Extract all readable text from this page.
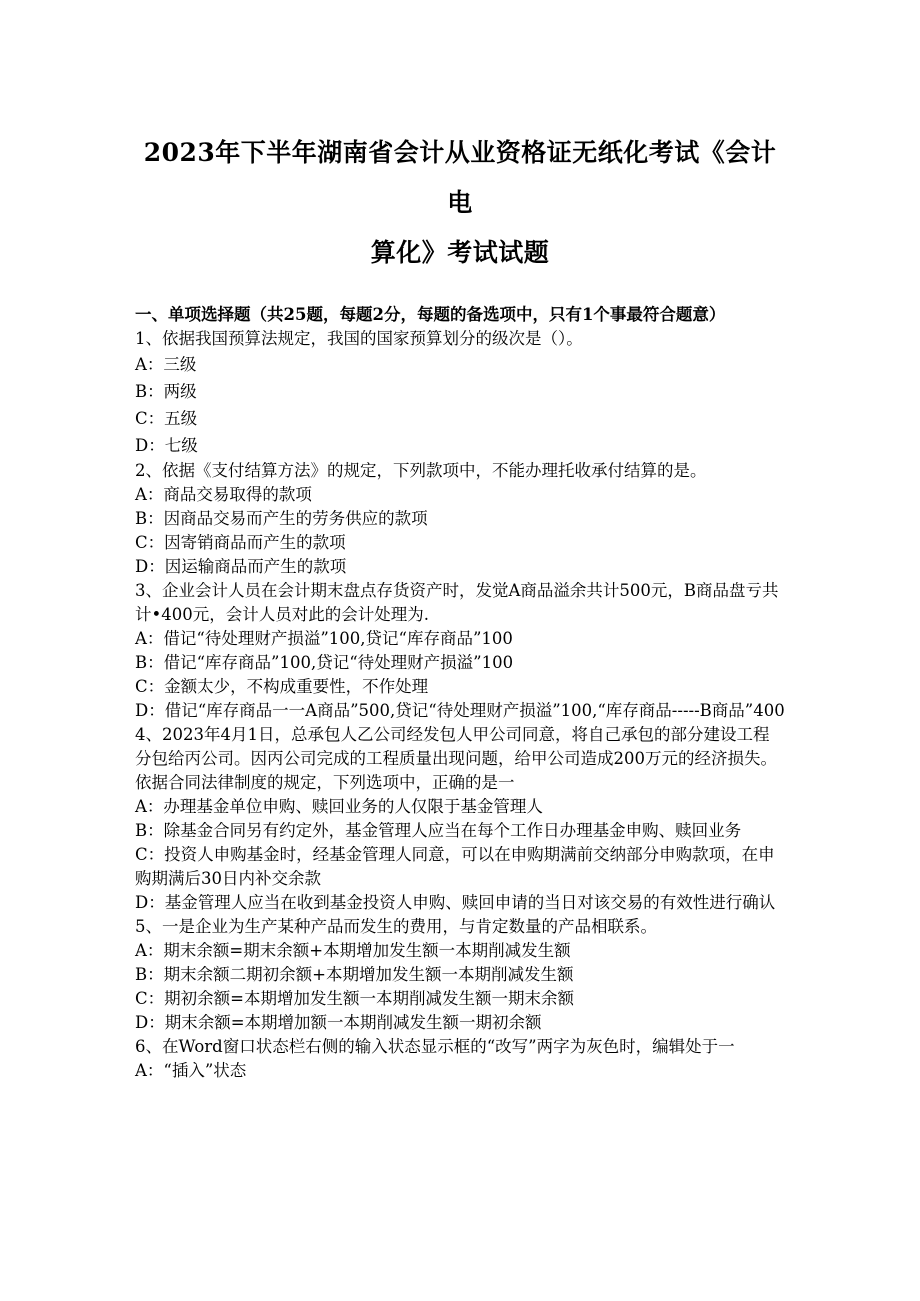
2023年下半年湖南省会计从业资格证无纸化考试《会计电
算化》考试试题

一、单项选择题（共25题，每题2分，每题的备选项中，只有1个事最符合题意）

1、依据我国预算法规定，我国的国家预算划分的级次是（）。

A：三级

B：两级

C：五级

D：七级

2、依据《支付结算方法》的规定，下列款项中，不能办理托收承付结算的是。

A：商品交易取得的款项

B：因商品交易而产生的劳务供应的款项

C：因寄销商品而产生的款项

D：因运输商品而产生的款项

3、企业会计人员在会计期末盘点存货资产时，发觉A商品溢余共计500元，B商品盘亏共计•400元，会计人员对此的会计处理为.

A：借记“待处理财产损溢”100,贷记“库存商品”100

B：借记“库存商品”100,贷记“待处理财产损溢”100

C：金额太少，不构成重要性，不作处理

D：借记“库存商品一一A商品”500,贷记“待处理财产损溢”100,“库存商品-----B商品”400

4、2023年4月1日，总承包人乙公司经发包人甲公司同意，将自己承包的部分建设工程分包给丙公司。因丙公司完成的工程质量出现问题，给甲公司造成200万元的经济损失。依据合同法律制度的规定，下列选项中，正确的是一

A：办理基金单位申购、赎回业务的人仅限于基金管理人

B：除基金合同另有约定外，基金管理人应当在每个工作日办理基金申购、赎回业务

C：投资人申购基金时，经基金管理人同意，可以在申购期满前交纳部分申购款项，在申购期满后30日内补交余款

D：基金管理人应当在收到基金投资人申购、赎回申请的当日对该交易的有效性进行确认

5、一是企业为生产某种产品而发生的费用，与肯定数量的产品相联系。

A：期末余额=期末余额+本期增加发生额一本期削减发生额

B：期末余额二期初余额+本期增加发生额一本期削减发生额

C：期初余额=本期增加发生额一本期削减发生额一期末余额

D：期末余额=本期增加额一本期削减发生额一期初余额

6、在Word窗口状态栏右侧的输入状态显示框的“改写”两字为灰色时，编辑处于一

A：“插入”状态
